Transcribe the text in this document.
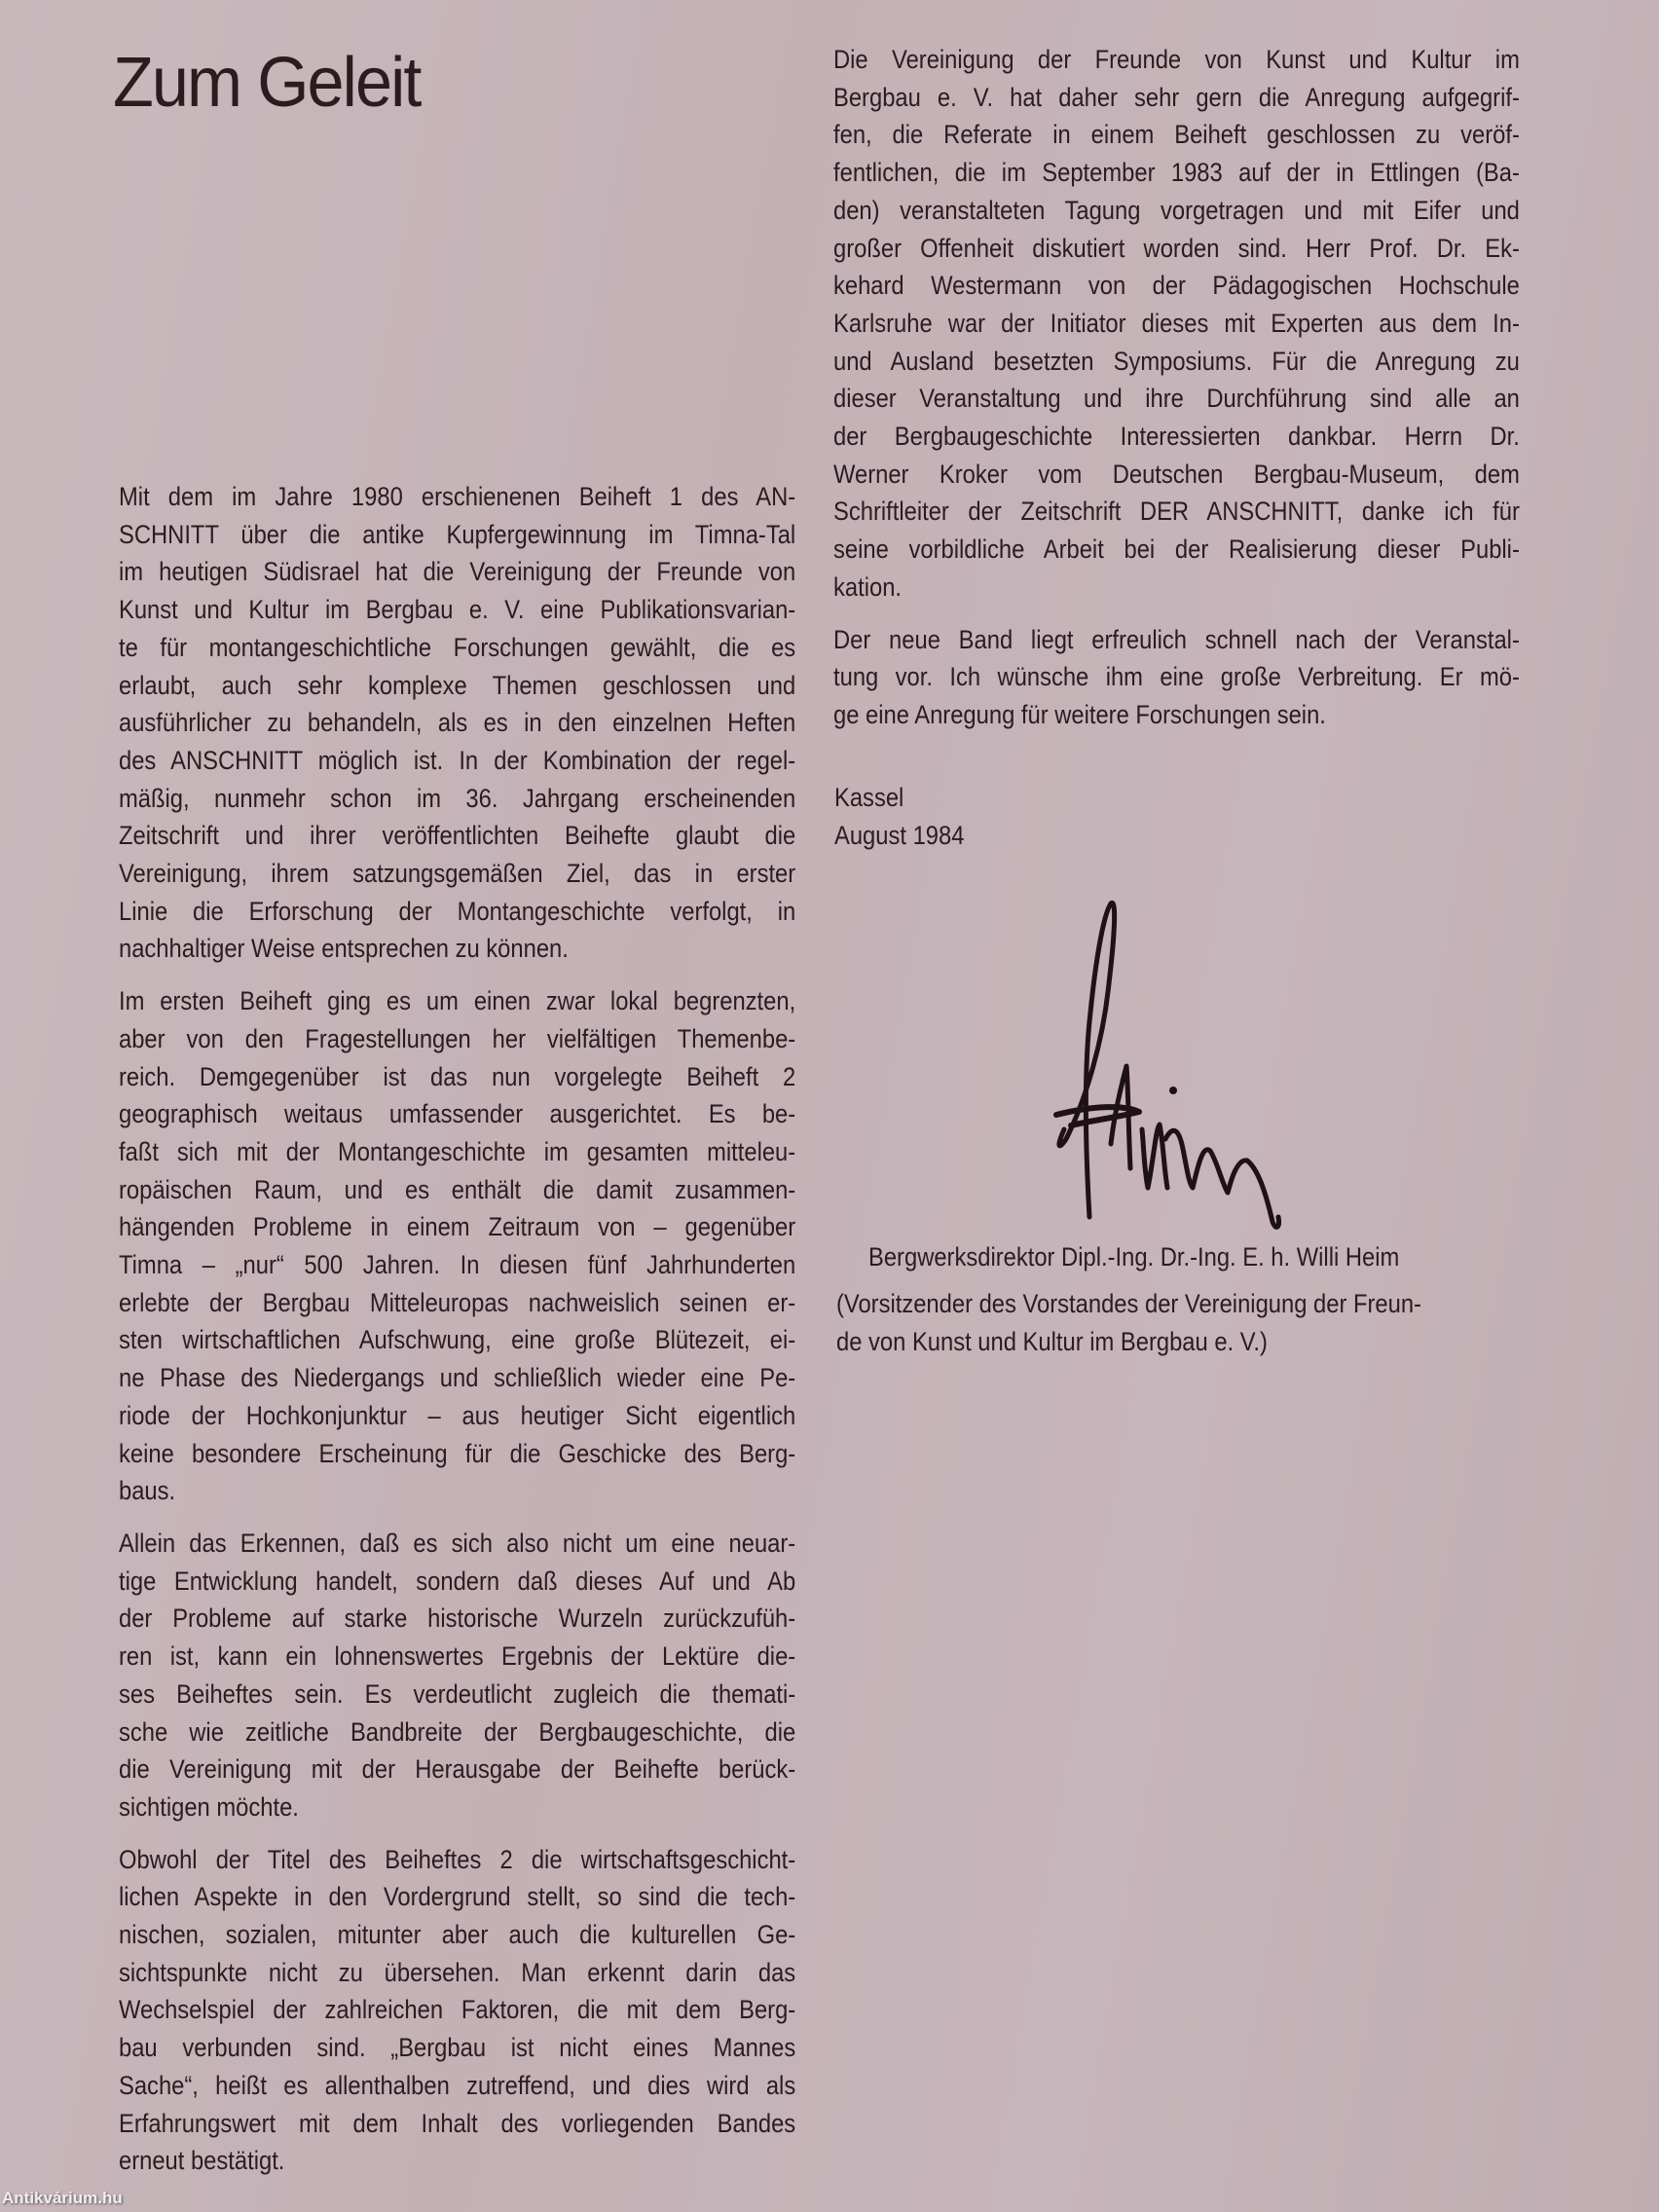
Zum Geleit

Mit dem im Jahre 1980 erschienenen Beiheft 1 des AN-
SCHNITT über die antike Kupfergewinnung im Timna-Tal
im heutigen Südisrael hat die Vereinigung der Freunde von
Kunst und Kultur im Bergbau e. V. eine Publikationsvarian-
te für montangeschichtliche Forschungen gewählt, die es
erlaubt, auch sehr komplexe Themen geschlossen und
ausführlicher zu behandeln, als es in den einzelnen Heften
des ANSCHNITT möglich ist. In der Kombination der regel-
mäßig, nunmehr schon im 36. Jahrgang erscheinenden
Zeitschrift und ihrer veröffentlichten Beihefte glaubt die
Vereinigung, ihrem satzungsgemäßen Ziel, das in erster
Linie die Erforschung der Montangeschichte verfolgt, in
nachhaltiger Weise entsprechen zu können.

Im ersten Beiheft ging es um einen zwar lokal begrenzten,
aber von den Fragestellungen her vielfältigen Themenbe-
reich. Demgegenüber ist das nun vorgelegte Beiheft 2
geographisch weitaus umfassender ausgerichtet. Es be-
faßt sich mit der Montangeschichte im gesamten mitteleu-
ropäischen Raum, und es enthält die damit zusammen-
hängenden Probleme in einem Zeitraum von – gegenüber
Timna – „nur“ 500 Jahren. In diesen fünf Jahrhunderten
erlebte der Bergbau Mitteleuropas nachweislich seinen er-
sten wirtschaftlichen Aufschwung, eine große Blütezeit, ei-
ne Phase des Niedergangs und schließlich wieder eine Pe-
riode der Hochkonjunktur – aus heutiger Sicht eigentlich
keine besondere Erscheinung für die Geschicke des Berg-
baus.

Allein das Erkennen, daß es sich also nicht um eine neuar-
tige Entwicklung handelt, sondern daß dieses Auf und Ab
der Probleme auf starke historische Wurzeln zurückzufüh-
ren ist, kann ein lohnenswertes Ergebnis der Lektüre die-
ses Beiheftes sein. Es verdeutlicht zugleich die themati-
sche wie zeitliche Bandbreite der Bergbaugeschichte, die
die Vereinigung mit der Herausgabe der Beihefte berück-
sichtigen möchte.

Obwohl der Titel des Beiheftes 2 die wirtschaftsgeschicht-
lichen Aspekte in den Vordergrund stellt, so sind die tech-
nischen, sozialen, mitunter aber auch die kulturellen Ge-
sichtspunkte nicht zu übersehen. Man erkennt darin das
Wechselspiel der zahlreichen Faktoren, die mit dem Berg-
bau verbunden sind. „Bergbau ist nicht eines Mannes
Sache“, heißt es allenthalben zutreffend, und dies wird als
Erfahrungswert mit dem Inhalt des vorliegenden Bandes
erneut bestätigt.

Die Vereinigung der Freunde von Kunst und Kultur im
Bergbau e. V. hat daher sehr gern die Anregung aufgegrif-
fen, die Referate in einem Beiheft geschlossen zu veröf-
fentlichen, die im September 1983 auf der in Ettlingen (Ba-
den) veranstalteten Tagung vorgetragen und mit Eifer und
großer Offenheit diskutiert worden sind. Herr Prof. Dr. Ek-
kehard Westermann von der Pädagogischen Hochschule
Karlsruhe war der Initiator dieses mit Experten aus dem In-
und Ausland besetzten Symposiums. Für die Anregung zu
dieser Veranstaltung und ihre Durchführung sind alle an
der Bergbaugeschichte Interessierten dankbar. Herrn Dr.
Werner Kroker vom Deutschen Bergbau-Museum, dem
Schriftleiter der Zeitschrift DER ANSCHNITT, danke ich für
seine vorbildliche Arbeit bei der Realisierung dieser Publi-
kation.

Der neue Band liegt erfreulich schnell nach der Veranstal-
tung vor. Ich wünsche ihm eine große Verbreitung. Er mö-
ge eine Anregung für weitere Forschungen sein.

Kassel
August 1984
Bergwerksdirektor Dipl.-Ing. Dr.-Ing. E. h. Willi Heim
(Vorsitzender des Vorstandes der Vereinigung der Freun-
de von Kunst und Kultur im Bergbau e. V.)
Antikvárium.hu
